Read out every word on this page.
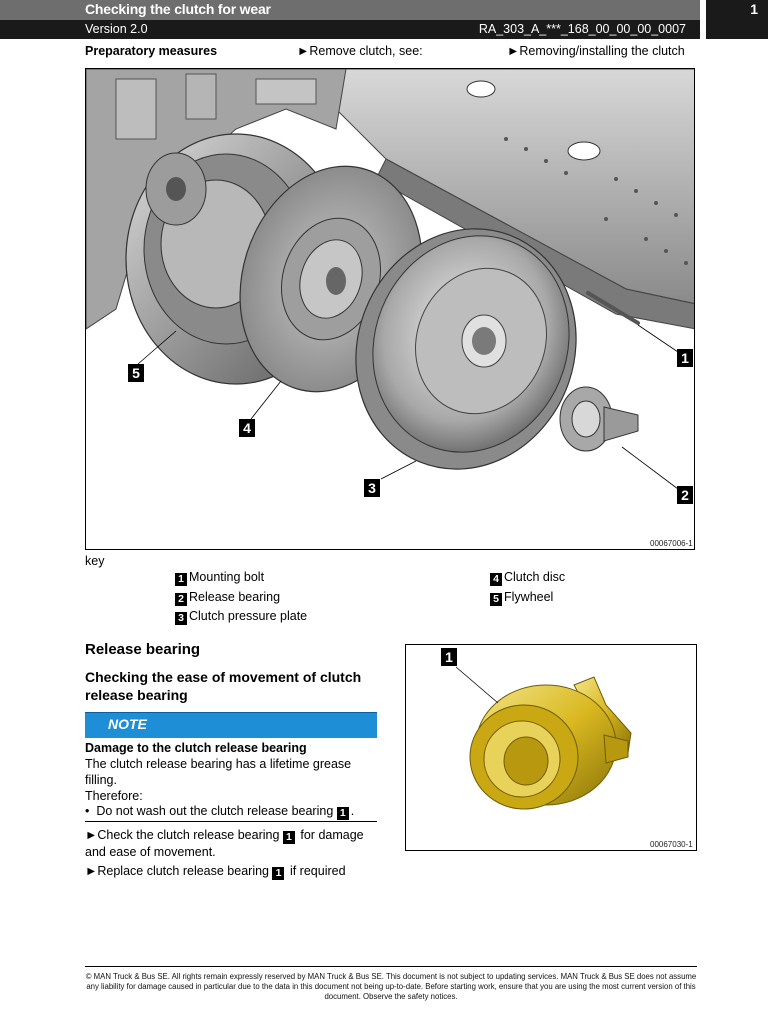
Checking the clutch for wear
Version 2.0	RA_303_A_***_168_00_00_00_0007
1
Preparatory measures	►Remove clutch, see:	►Removing/installing the clutch
1
2
3
4
5
00067006-1
key
1 Mounting bolt
2 Release bearing
3 Clutch pressure plate
4 Clutch disc
5 Flywheel
Release bearing
Checking the ease of movement of clutch release bearing
NOTE
Damage to the clutch release bearing
The clutch release bearing has a lifetime grease filling.
Therefore:
•  Do not wash out the clutch release bearing 1 .
►Check the clutch release bearing 1 for damage and ease of movement.
►Replace clutch release bearing 1 if required
1
00067030-1
© MAN Truck & Bus SE. All rights remain expressly reserved by MAN Truck & Bus SE. This document is not subject to updating services. MAN Truck & Bus SE does not assume any liability for damage caused in particular due to the data in this document not being up-to-date. Before starting work, ensure that you are using the most current version of this document. Observe the safety notices.
